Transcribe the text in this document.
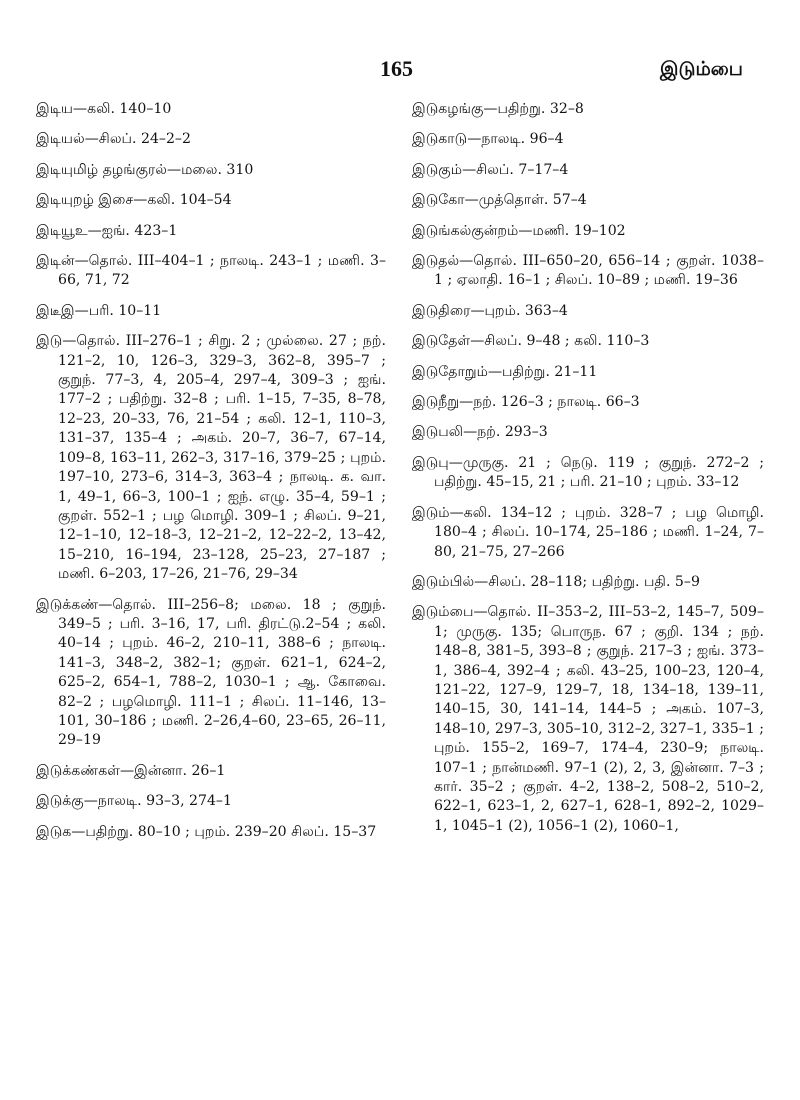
165	இடும்பை

இடிய—கலி. 140–10

இடியல்—சிலப். 24–2–2

இடியுமிழ் தழங்குரல்—மலை. 310

இடியுறழ் இசை—கலி. 104–54

இடியூஉ—ஐங். 423–1

இடின்—தொல். III–404–1 ; நாலடி. 243–1 ; மணி. 3–66, 71, 72

இடீஇ—பரி. 10–11

இடு—தொல். III–276–1 ; சிறு. 2 ; முல்லை. 27 ; நற். 121–2, 10, 126–3, 329–3, 362–8, 395–7 ; குறுந். 77–3, 4, 205–4, 297–4, 309–3 ; ஐங். 177–2 ; பதிற்று. 32–8 ; பரி. 1–15, 7–35, 8–78, 12–23, 20–33, 76, 21–54 ; கலி. 12–1, 110–3, 131–37, 135–4 ; அகம். 20–7, 36–7, 67–14, 109–8, 163–11, 262–3, 317–16, 379–25 ; புறம். 197–10, 273–6, 314–3, 363–4 ; நாலடி. க. வா. 1, 49–1, 66–3, 100–1 ; ஐந். எழு. 35–4, 59–1 ; குறள். 552–1 ; பழ மொழி. 309–1 ; சிலப். 9–21, 12–1–10, 12–18–3, 12–21–2, 12–22–2, 13–42, 15–210, 16–194, 23–128, 25–23, 27–187 ; மணி. 6–203, 17–26, 21–76, 29–34

இடுக்கண்—தொல். III–256–8; மலை. 18 ; குறுந். 349–5 ; பரி. 3–16, 17, பரி. திரட்டு.2–54 ; கலி. 40–14 ; புறம். 46–2, 210–11, 388–6 ; நாலடி. 141–3, 348–2, 382–1; குறள். 621–1, 624–2, 625–2, 654–1, 788–2, 1030–1 ; ஆ. கோவை. 82–2 ; பழமொழி. 111–1 ; சிலப். 11–146, 13–101, 30–186 ; மணி. 2–26,4–60, 23–65, 26–11, 29–19

இடுக்கண்கள்—இன்னா. 26–1

இடுக்கு—நாலடி. 93–3, 274–1

இடுக—பதிற்று. 80–10 ; புறம். 239–20 சிலப். 15–37

இடுகழங்கு—பதிற்று. 32–8

இடுகாடு—நாலடி. 96–4

இடுகும்—சிலப். 7–17–4

இடுகோ—முத்தொள். 57–4

இடுங்கல்குன்றம்—மணி. 19–102

இடுதல்—தொல். III–650–20, 656–14 ; குறள். 1038–1 ; ஏலாதி. 16–1 ; சிலப். 10–89 ; மணி. 19–36

இடுதிரை—புறம். 363–4

இடுதேள்—சிலப். 9–48 ; கலி. 110–3

இடுதோறும்—பதிற்று. 21–11

இடுநீறு—நற். 126–3 ; நாலடி. 66–3

இடுபலி—நற். 293–3

இடுபு—முருகு. 21 ; நெடு. 119 ; குறுந். 272–2 ; பதிற்று. 45–15, 21 ; பரி. 21–10 ; புறம். 33–12

இடும்—கலி. 134–12 ; புறம். 328–7 ; பழ மொழி. 180–4 ; சிலப். 10–174, 25–186 ; மணி. 1–24, 7–80, 21–75, 27–266

இடும்பில்—சிலப். 28–118; பதிற்று. பதி. 5–9

இடும்பை—தொல். II–353–2, III–53–2, 145–7, 509–1; முருகு. 135; பொருந. 67 ; குறி. 134 ; நற். 148–8, 381–5, 393–8 ; குறுந். 217–3 ; ஐங். 373–1, 386–4, 392–4 ; கலி. 43–25, 100–23, 120–4, 121–22, 127–9, 129–7, 18, 134–18, 139–11, 140–15, 30, 141–14, 144–5 ; அகம். 107–3, 148–10, 297–3, 305–10, 312–2, 327–1, 335–1 ; புறம். 155–2, 169–7, 174–4, 230–9; நாலடி. 107–1 ; நான்மணி. 97–1 (2), 2, 3, இன்னா. 7–3 ; கார். 35–2 ; குறள். 4–2, 138–2, 508–2, 510–2, 622–1, 623–1, 2, 627–1, 628–1, 892–2, 1029–1, 1045–1 (2), 1056–1 (2), 1060–1,
